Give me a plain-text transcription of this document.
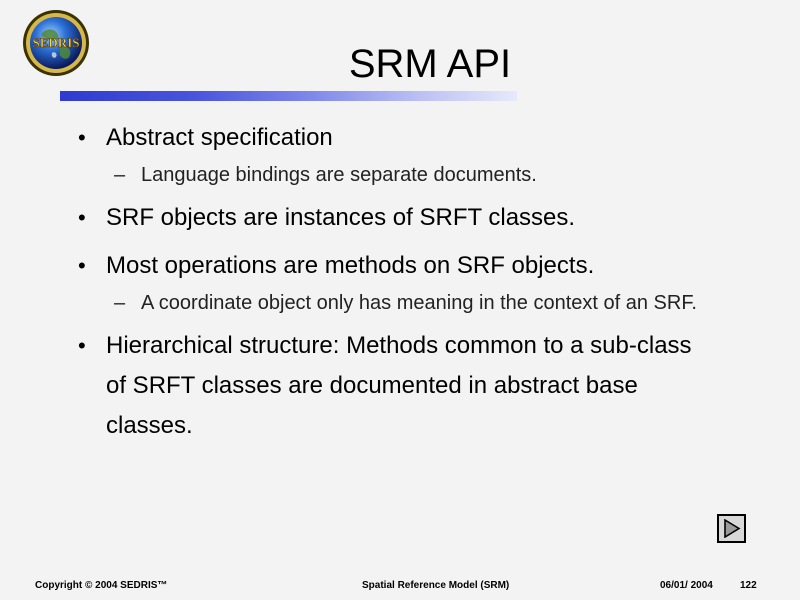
SEDRIS	SRM API
• Abstract specification
– Language bindings are separate documents.
• SRF objects are instances of SRFT classes.
• Most operations are methods on SRF objects.
– A coordinate object only has meaning in the context of an SRF.
• Hierarchical structure: Methods common to a sub-class of SRFT classes are documented in abstract base classes.
Copyright © 2004 SEDRIS™	Spatial Reference Model (SRM)	06/01/ 2004	122
